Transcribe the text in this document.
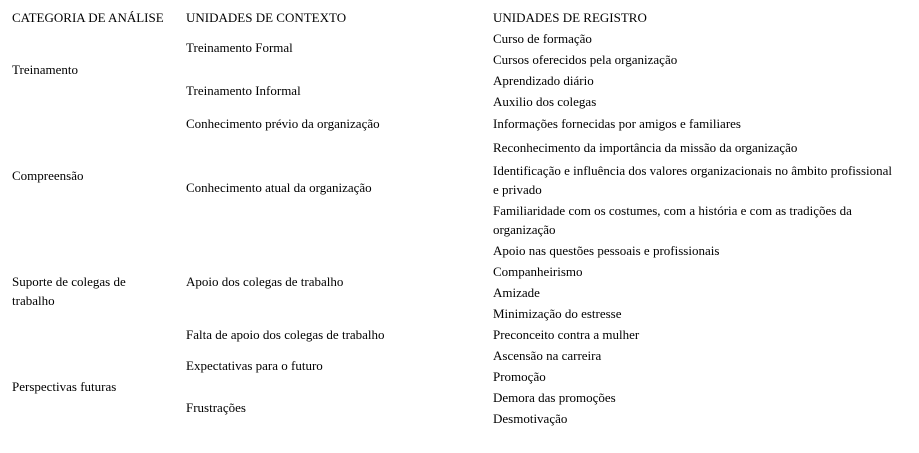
CATEGORIA DE ANÁLISE UNIDADES DE CONTEXTO	UNIDADES DE REGISTRO
Treinamento
Compreensão
Suporte de colegas de trabalho
Perspectivas futuras
Treinamento Formal
Treinamento Informal
Conhecimento prévio da organização
Conhecimento atual da organização
Apoio dos colegas de trabalho
Falta de apoio dos colegas de trabalho
Expectativas para o futuro
Frustrações
Curso de formação
Cursos oferecidos pela organização
Aprendizado diário
Auxilio dos colegas
Informações fornecidas por amigos e familiares
Reconhecimento da importância da missão da organização
Identificação e influência dos valores organizacionais no âmbito profissional e privado
Familiaridade com os costumes, com a história e com as tradições da organização
Apoio nas questões pessoais e profissionais
Companheirismo
Amizade
Minimização do estresse
Preconceito contra a mulher
Ascensão na carreira
Promoção
Demora das promoções
Desmotivação
